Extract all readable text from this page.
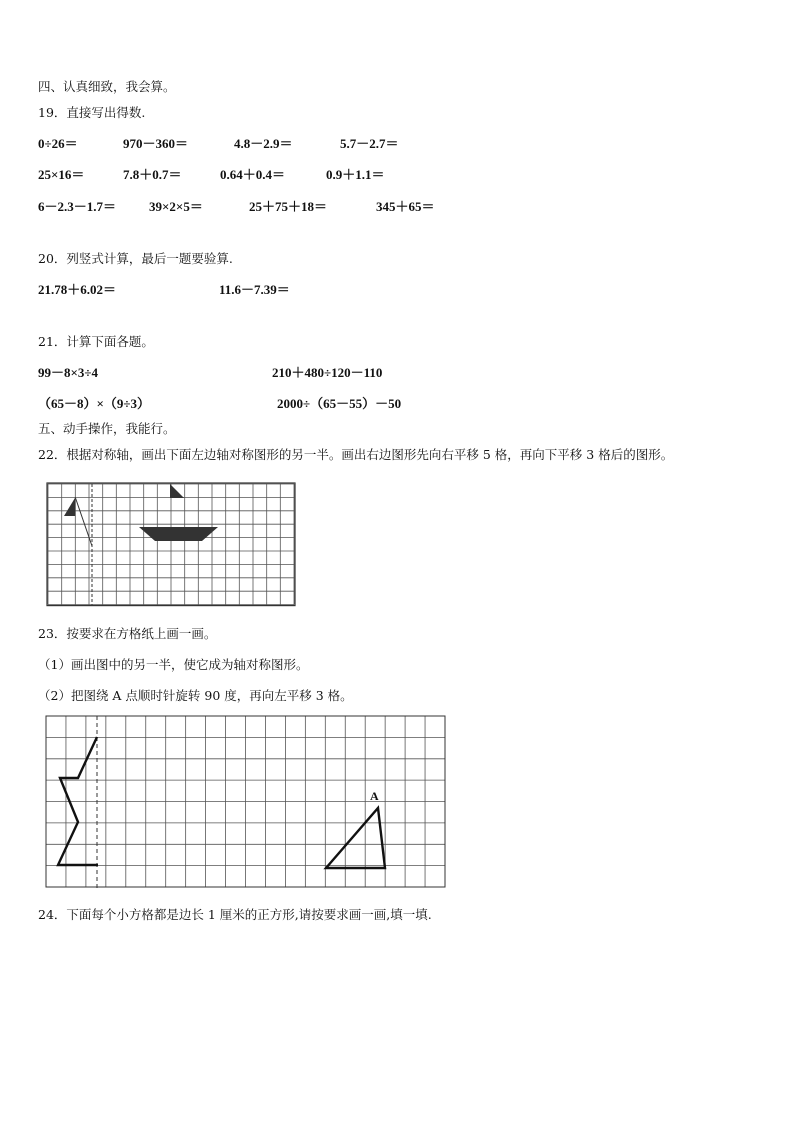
四、认真细致，我会算。
19．直接写出得数.
0÷26＝	970－360＝	4.8－2.9＝	5.7－2.7＝
25×16＝	7.8＋0.7＝	0.64＋0.4＝	0.9＋1.1＝
6－2.3－1.7＝	39×2×5＝	25＋75＋18＝	345＋65＝
20．列竖式计算，最后一题要验算.
21.78＋6.02＝	11.6－7.39＝
21．计算下面各题。
99－8×3÷4	210＋480÷120－110
（65－8）×（9÷3）	2000÷（65－55）－50
五、动手操作，我能行。
22．根据对称轴，画出下面左边轴对称图形的另一半。画出右边图形先向右平移 5 格，再向下平移 3 格后的图形。
23．按要求在方格纸上画一画。
（1）画出图中的另一半，使它成为轴对称图形。
（2）把图绕 A 点顺时针旋转 90 度，再向左平移 3 格。
A
24．下面每个小方格都是边长 1 厘米的正方形,请按要求画一画,填一填.
